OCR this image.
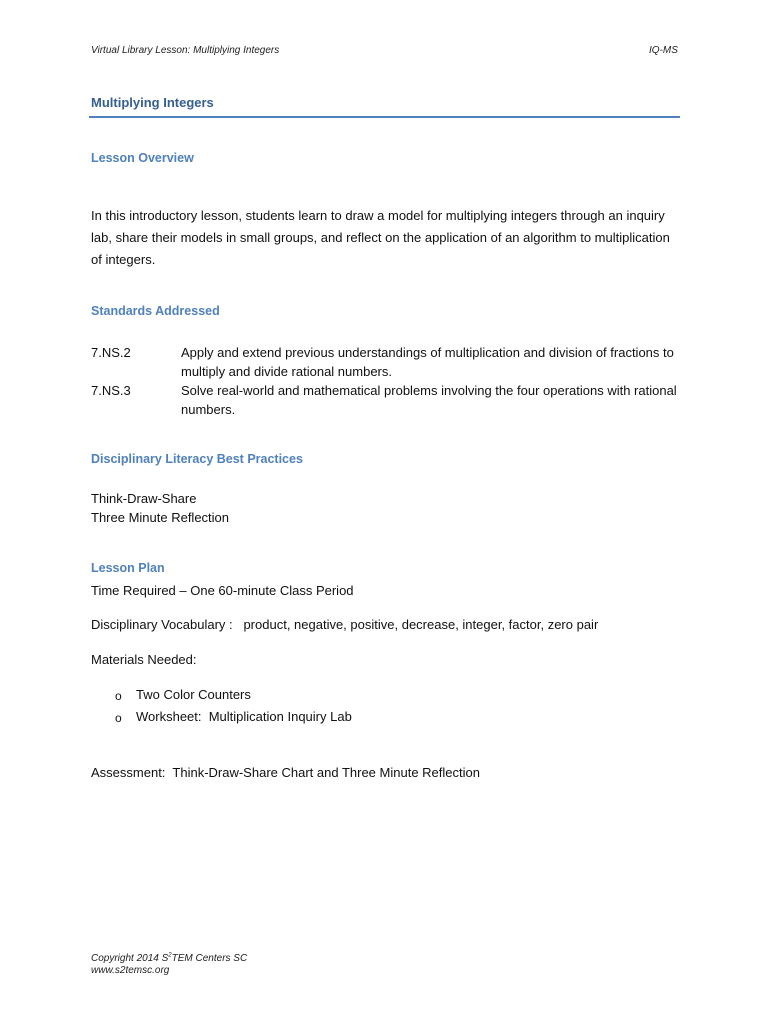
Virtual Library Lesson: Multiplying Integers	IQ-MS
Multiplying Integers
Lesson Overview
In this introductory lesson, students learn to draw a model for multiplying integers through an inquiry lab, share their models in small groups, and reflect on the application of an algorithm to multiplication of integers.
Standards Addressed
7.NS.2	Apply and extend previous understandings of multiplication and division of fractions to multiply and divide rational numbers.
7.NS.3	Solve real-world and mathematical problems involving the four operations with rational numbers.
Disciplinary Literacy Best Practices
Think-Draw-Share
Three Minute Reflection
Lesson Plan
Time Required – One 60-minute Class Period
Disciplinary Vocabulary :   product, negative, positive, decrease, integer, factor, zero pair
Materials Needed:
o Two Color Counters
o Worksheet:  Multiplication Inquiry Lab
Assessment:  Think-Draw-Share Chart and Three Minute Reflection
Copyright 2014 $S^2TEM$ Centers SC
www.s2temsc.org
